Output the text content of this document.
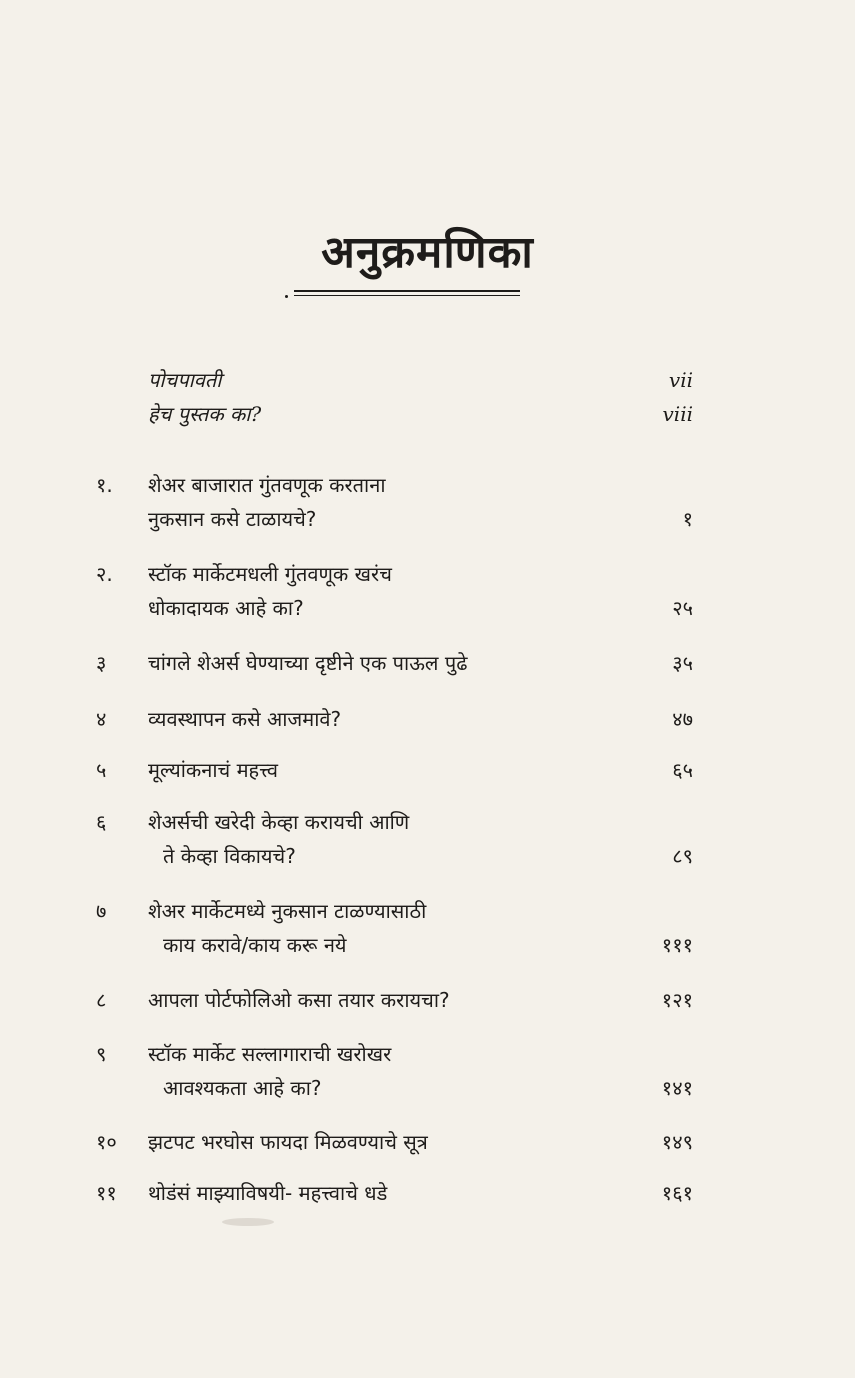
अनुक्रमणिका
पोचपावती	vii
हेच पुस्तक का?	viii
१.	शेअर बाजारात गुंतवणूक करताना
नुकसान कसे टाळायचे?	१
२.	स्टॉक मार्केटमधली गुंतवणूक खरंच
धोकादायक आहे का?	२५
३	चांगले शेअर्स घेण्याच्या दृष्टीने एक पाऊल पुढे	३५
४	व्यवस्थापन कसे आजमावे?	४७
५	मूल्यांकनाचं महत्त्व	६५
६	शेअर्सची खरेदी केव्हा करायची आणि
ते केव्हा विकायचे?	८९
७	शेअर मार्केटमध्ये नुकसान टाळण्यासाठी
काय करावे/काय करू नये	१११
८	आपला पोर्टफोलिओ कसा तयार करायचा?	१२१
९	स्टॉक मार्केट सल्लागाराची खरोखर
आवश्यकता आहे का?	१४१
१०	झटपट भरघोस फायदा मिळवण्याचे सूत्र	१४९
११	थोडंसं माझ्याविषयी- महत्त्वाचे धडे	१६१
